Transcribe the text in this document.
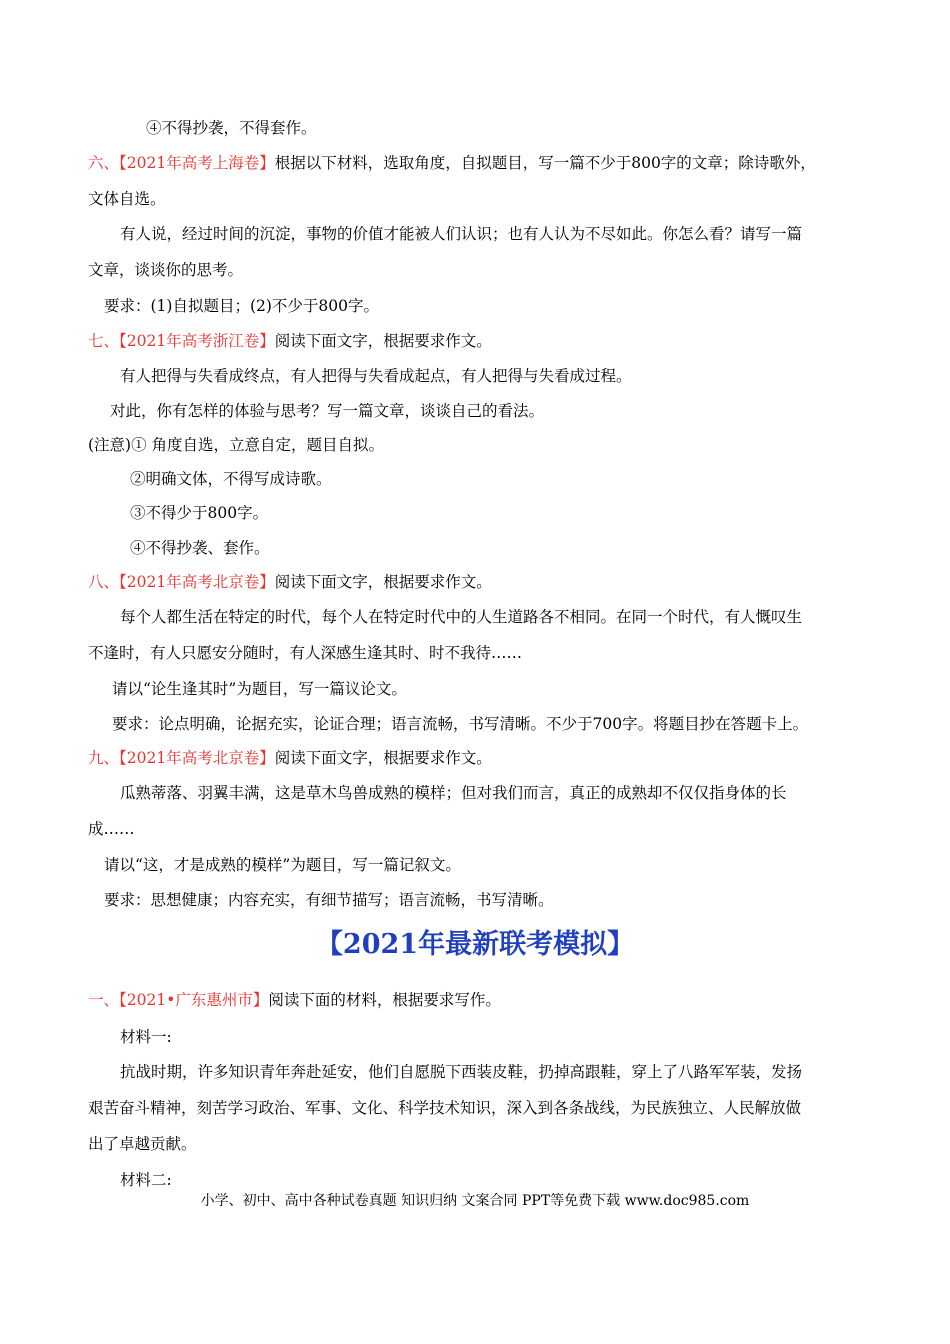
④不得抄袭，不得套作。
六、【2021年高考上海卷】根据以下材料，选取角度，自拟题目，写一篇不少于800字的文章；除诗歌外，
文体自选。
有人说，经过时间的沉淀，事物的价值才能被人们认识；也有人认为不尽如此。你怎么看？请写一篇
文章，谈谈你的思考。
要求：(1)自拟题目；(2)不少于800字。
七、【2021年高考浙江卷】阅读下面文字，根据要求作文。
有人把得与失看成终点，有人把得与失看成起点，有人把得与失看成过程。
对此，你有怎样的体验与思考？写一篇文章，谈谈自己的看法。
(注意)① 角度自选，立意自定，题目自拟。
②明确文体，不得写成诗歌。
③不得少于800字。
④不得抄袭、套作。
八、【2021年高考北京卷】阅读下面文字，根据要求作文。
每个人都生活在特定的时代，每个人在特定时代中的人生道路各不相同。在同一个时代，有人慨叹生
不逢时，有人只愿安分随时，有人深感生逢其时、时不我待……
请以“论生逢其时”为题目，写一篇议论文。
要求：论点明确，论据充实，论证合理；语言流畅，书写清晰。不少于700字。将题目抄在答题卡上。
九、【2021年高考北京卷】阅读下面文字，根据要求作文。
瓜熟蒂落、羽翼丰满，这是草木鸟兽成熟的模样；但对我们而言，真正的成熟却不仅仅指身体的长
成……
请以“这，才是成熟的模样”为题目，写一篇记叙文。
要求：思想健康；内容充实，有细节描写；语言流畅，书写清晰。
【2021年最新联考模拟】
一、【2021•广东惠州市】阅读下面的材料，根据要求写作。
材料一:
抗战时期，许多知识青年奔赴延安，他们自愿脱下西装皮鞋，扔掉高跟鞋，穿上了八路军军装，发扬
艰苦奋斗精神，刻苦学习政治、军事、文化、科学技术知识，深入到各条战线，为民族独立、人民解放做
出了卓越贡献。
材料二:
小学、初中、高中各种试卷真题 知识归纳 文案合同 PPT等免费下载 www.doc985.com
